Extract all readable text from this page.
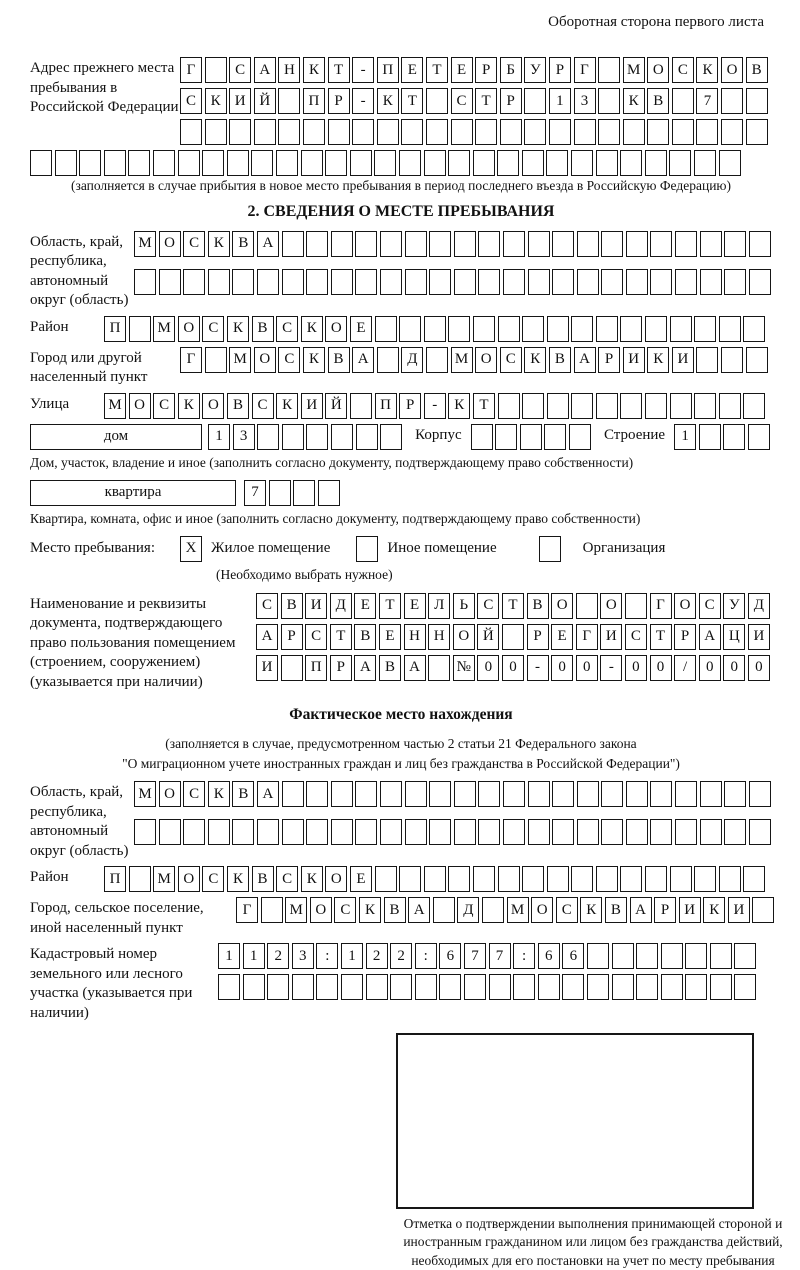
Оборотная сторона первого листа
Адрес прежнего места пребывания в Российской Федерации
Г	С А Н К	Т	-	П Е	Т	Е	Р	Б У	Р	Г	М О С К О В
С К И Й	П	Р	-	К	Т	С	Т	Р	1	3	К В	7
(заполняется в случае прибытия в новое место пребывания в период последнего въезда в Российскую Федерацию)
2. СВЕДЕНИЯ О МЕСТЕ ПРЕБЫВАНИЯ
Область, край, республика, автономный округ (область)
М О С К В А
Район	П	М О С К В С К О Е
Город или другой населенный пункт
Г	М О С К В А	Д	М О С К В А	Р	И К И
Улица	М О С К О В С К И Й	П	Р	-	К	Т
дом	1	3	Корпус	Строение	1
Дом, участок, владение и иное (заполнить согласно документу, подтверждающему право собственности)
квартира	7
Квартира, комната, офис и иное (заполнить согласно документу, подтверждающему право собственности)
Место пребывания:	X Жилое помещение	Иное помещение	Организация
(Необходимо выбрать нужное)
Наименование и реквизиты документа, подтверждающего право пользования помещением (строением, сооружением) (указывается при наличии)
С В И Д Е	Т	Е Л	Ь	С	Т	В О	О	Г О С У Д
А	Р	С	Т	В	Е Н Н О Й	Р	Е	Г И С	Т	Р	А Ц И
И	П	Р	А В А	№ 0	0	-	0	0	-	0	0	/	0	0	0
Фактическое место нахождения
(заполняется в случае, предусмотренном частью 2 статьи 21 Федерального закона
"О миграционном учете иностранных граждан и лиц без гражданства в Российской Федерации")
Область, край, республика, автономный округ (область)
М О С К В А
Район	П	М О С К В С К О Е
Город, сельское поселение, иной населенный пункт
Г	М О С К В А	Д	М О С К В А	Р	И К И
Кадастровый номер земельного или лесного участка (указывается при наличии)
1	1	2	3	:	1	2	2	:	6	7	7	:	6	6
Отметка о подтверждении выполнения принимающей стороной и иностранным гражданином или лицом без гражданства действий, необходимых для его постановки на учет по месту пребывания
